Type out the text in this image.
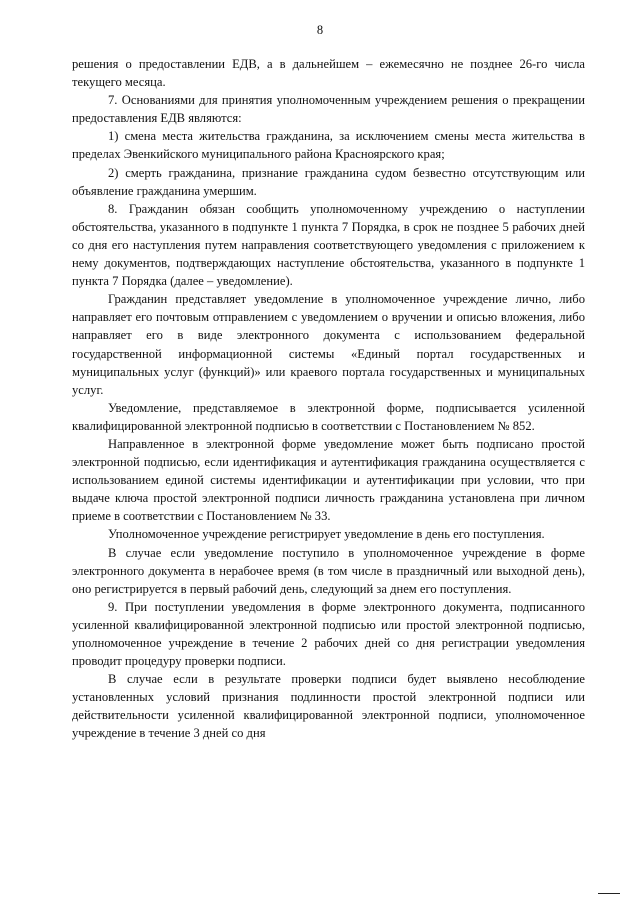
8

решения о предоставлении ЕДВ, а в дальнейшем – ежемесячно не позднее 26-го числа текущего месяца.

7. Основаниями для принятия уполномоченным учреждением решения о прекращении предоставления ЕДВ являются:

1) смена места жительства гражданина, за исключением смены места жительства в пределах Эвенкийского муниципального района Красноярского края;

2) смерть гражданина, признание гражданина судом безвестно отсутствующим или объявление гражданина умершим.

8. Гражданин обязан сообщить уполномоченному учреждению о наступлении обстоятельства, указанного в подпункте 1 пункта 7 Порядка, в срок не позднее 5 рабочих дней со дня его наступления путем направления соответствующего уведомления с приложением к нему документов, подтверждающих наступление обстоятельства, указанного в подпункте 1 пункта 7 Порядка (далее – уведомление).

Гражданин представляет уведомление в уполномоченное учреждение лично, либо направляет его почтовым отправлением с уведомлением о вручении и описью вложения, либо направляет его в виде электронного документа с использованием федеральной государственной информационной системы «Единый портал государственных и муниципальных услуг (функций)» или краевого портала государственных и муниципальных услуг.

Уведомление, представляемое в электронной форме, подписывается усиленной квалифицированной электронной подписью в соответствии с Постановлением № 852.

Направленное в электронной форме уведомление может быть подписано простой электронной подписью, если идентификация и аутентификация гражданина осуществляется с использованием единой системы идентификации и аутентификации при условии, что при выдаче ключа простой электронной подписи личность гражданина установлена при личном приеме в соответствии с Постановлением № 33.

Уполномоченное учреждение регистрирует уведомление в день его поступления.

В случае если уведомление поступило в уполномоченное учреждение в форме электронного документа в нерабочее время (в том числе в праздничный или выходной день), оно регистрируется в первый рабочий день, следующий за днем его поступления.

9. При поступлении уведомления в форме электронного документа, подписанного усиленной квалифицированной электронной подписью или простой электронной подписью, уполномоченное учреждение в течение 2 рабочих дней со дня регистрации уведомления проводит процедуру проверки подписи.

В случае если в результате проверки подписи будет выявлено несоблюдение установленных условий признания подлинности простой электронной подписи или действительности усиленной квалифицированной электронной подписи, уполномоченное учреждение в течение 3 дней со дня
